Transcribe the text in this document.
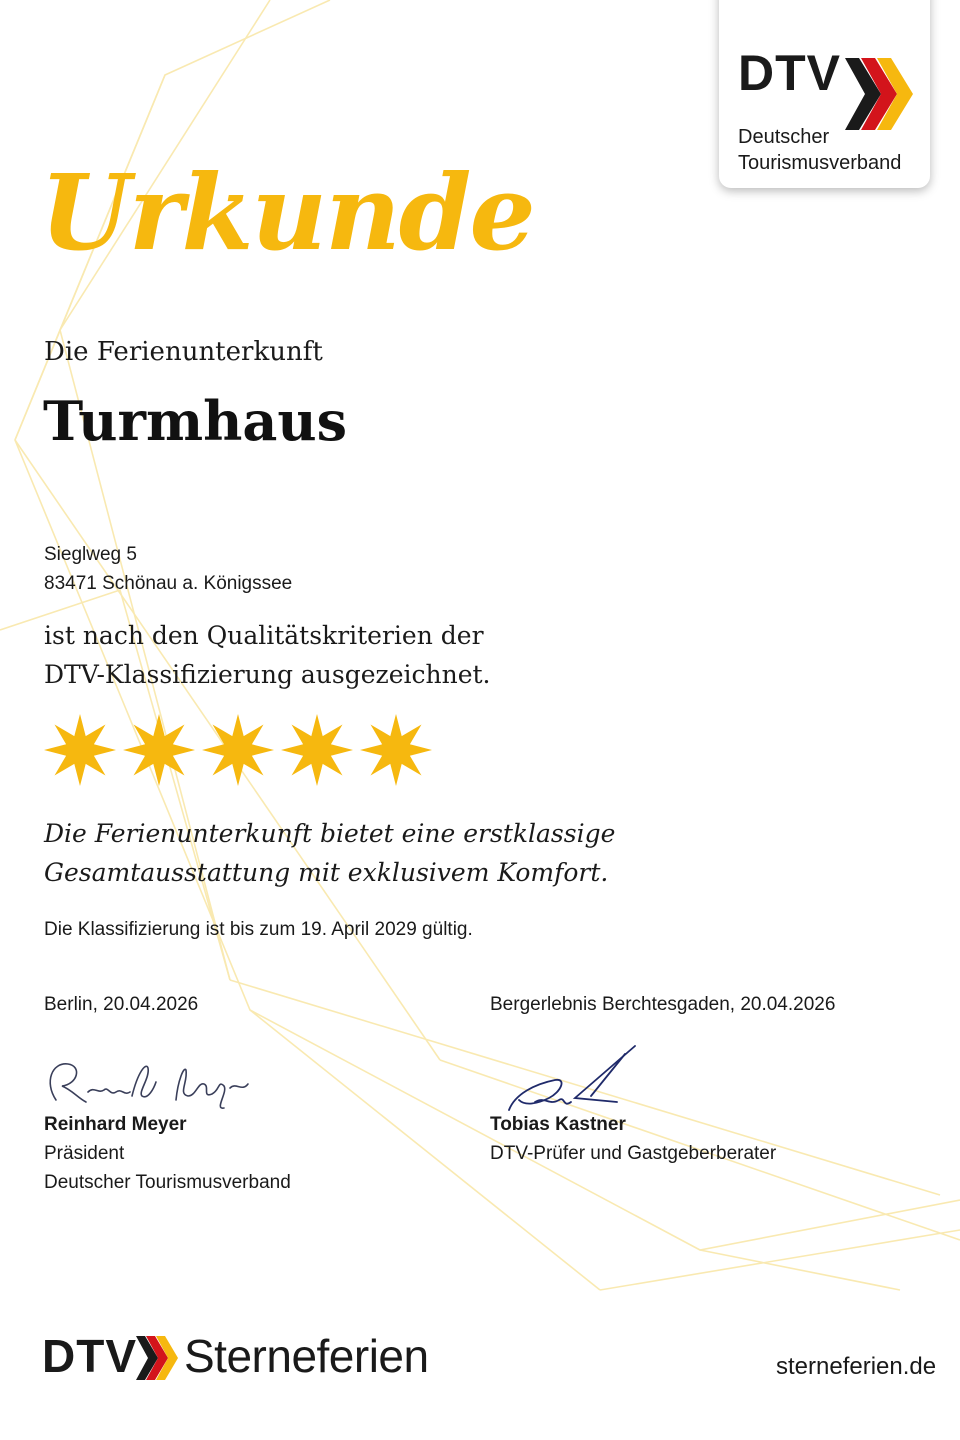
DTV
Deutscher
Tourismusverband
Urkunde
Die Ferienunterkunft
Turmhaus
Sieglweg 5
83471 Schönau a. Königssee
ist nach den Qualitätskriterien der
DTV-Klassifizierung ausgezeichnet.
Die Ferienunterkunft bietet eine erstklassige
Gesamtausstattung mit exklusivem Komfort.
Die Klassifizierung ist bis zum 19. April 2029 gültig.
Berlin, 20.04.2026	Bergerlebnis Berchtesgaden, 20.04.2026
Reinhard Meyer
Präsident
Deutscher Tourismusverband
Tobias Kastner
DTV-Prüfer und Gastgeberberater
DTV Sterneferien	sterneferien.de
